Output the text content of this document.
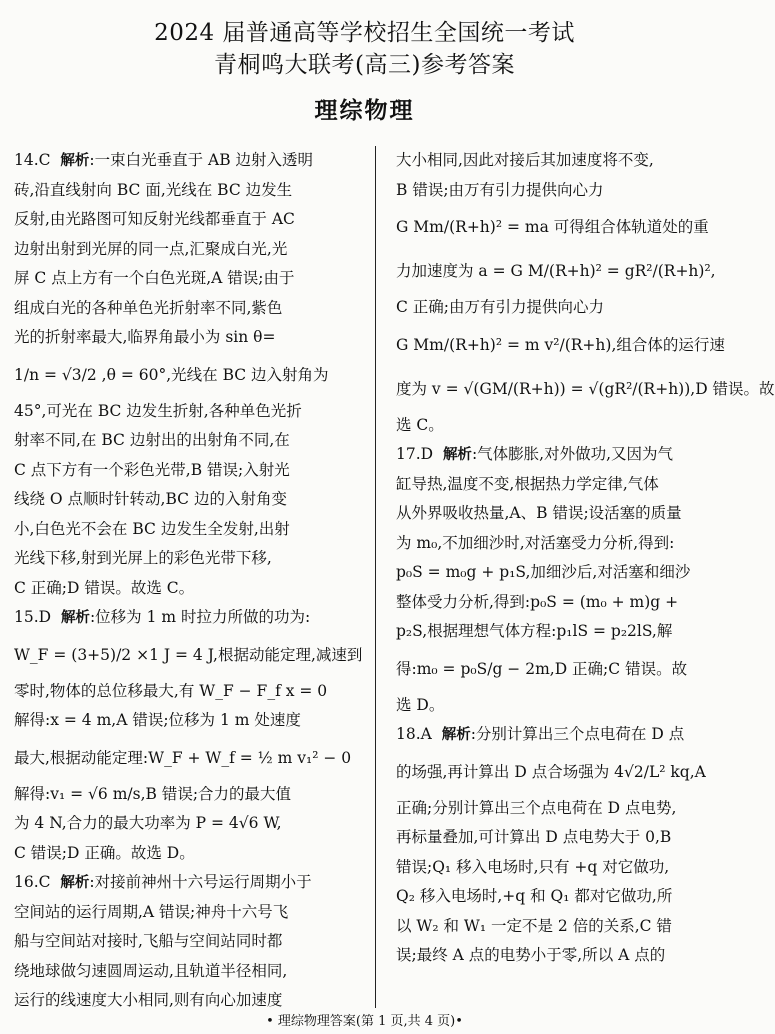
2024 届普通高等学校招生全国统一考试
青桐鸣大联考(高三)参考答案
理综物理
14.C 解析:一束白光垂直于 AB 边射入透明
砖,沿直线射向 BC 面,光线在 BC 边发生
反射,由光路图可知反射光线都垂直于 AC
边射出射到光屏的同一点,汇聚成白光,光
屏 C 点上方有一个白色光斑,A 错误;由于
组成白光的各种单色光折射率不同,紫色
光的折射率最大,临界角最小为 sin θ=
1/n = √3/2 ,θ = 60°,光线在 BC 边入射角为
45°,可光在 BC 边发生折射,各种单色光折
射率不同,在 BC 边射出的出射角不同,在
C 点下方有一个彩色光带,B 错误;入射光
线绕 O 点顺时针转动,BC 边的入射角变
小,白色光不会在 BC 边发生全发射,出射
光线下移,射到光屏上的彩色光带下移,
C 正确;D 错误。故选 C。
15.D 解析:位移为 1 m 时拉力所做的功为:
W_F = (3+5)/2 ×1 J = 4 J,根据动能定理,减速到
零时,物体的总位移最大,有 W_F − F_f x = 0
解得:x = 4 m,A 错误;位移为 1 m 处速度
最大,根据动能定理:W_F + W_f = ½ m v₁² − 0
解得:v₁ = √6 m/s,B 错误;合力的最大值
为 4 N,合力的最大功率为 P = 4√6 W,
C 错误;D 正确。故选 D。
16.C 解析:对接前神州十六号运行周期小于
空间站的运行周期,A 错误;神舟十六号飞
船与空间站对接时,飞船与空间站同时都
绕地球做匀速圆周运动,且轨道半径相同,
运行的线速度大小相同,则有向心加速度
大小相同,因此对接后其加速度将不变,
B 错误;由万有引力提供向心力
G Mm/(R+h)² = ma 可得组合体轨道处的重
力加速度为 a = G M/(R+h)² = gR²/(R+h)²,
C 正确;由万有引力提供向心力
G Mm/(R+h)² = m v²/(R+h),组合体的运行速
度为 v = √(GM/(R+h)) = √(gR²/(R+h)),D 错误。故
选 C。
17.D 解析:气体膨胀,对外做功,又因为气
缸导热,温度不变,根据热力学定律,气体
从外界吸收热量,A、B 错误;设活塞的质量
为 m₀,不加细沙时,对活塞受力分析,得到:
p₀S = m₀g + p₁S,加细沙后,对活塞和细沙
整体受力分析,得到:p₀S = (m₀ + m)g +
p₂S,根据理想气体方程:p₁lS = p₂2lS,解
得:m₀ = p₀S/g − 2m,D 正确;C 错误。故
选 D。
18.A 解析:分别计算出三个点电荷在 D 点
的场强,再计算出 D 点合场强为 4√2/L² kq,A
正确;分别计算出三个点电荷在 D 点电势,
再标量叠加,可计算出 D 点电势大于 0,B
错误;Q₁ 移入电场时,只有 +q 对它做功,
Q₂ 移入电场时,+q 和 Q₁ 都对它做功,所
以 W₂ 和 W₁ 一定不是 2 倍的关系,C 错
误;最终 A 点的电势小于零,所以 A 点的
• 理综物理答案(第 1 页,共 4 页)•
